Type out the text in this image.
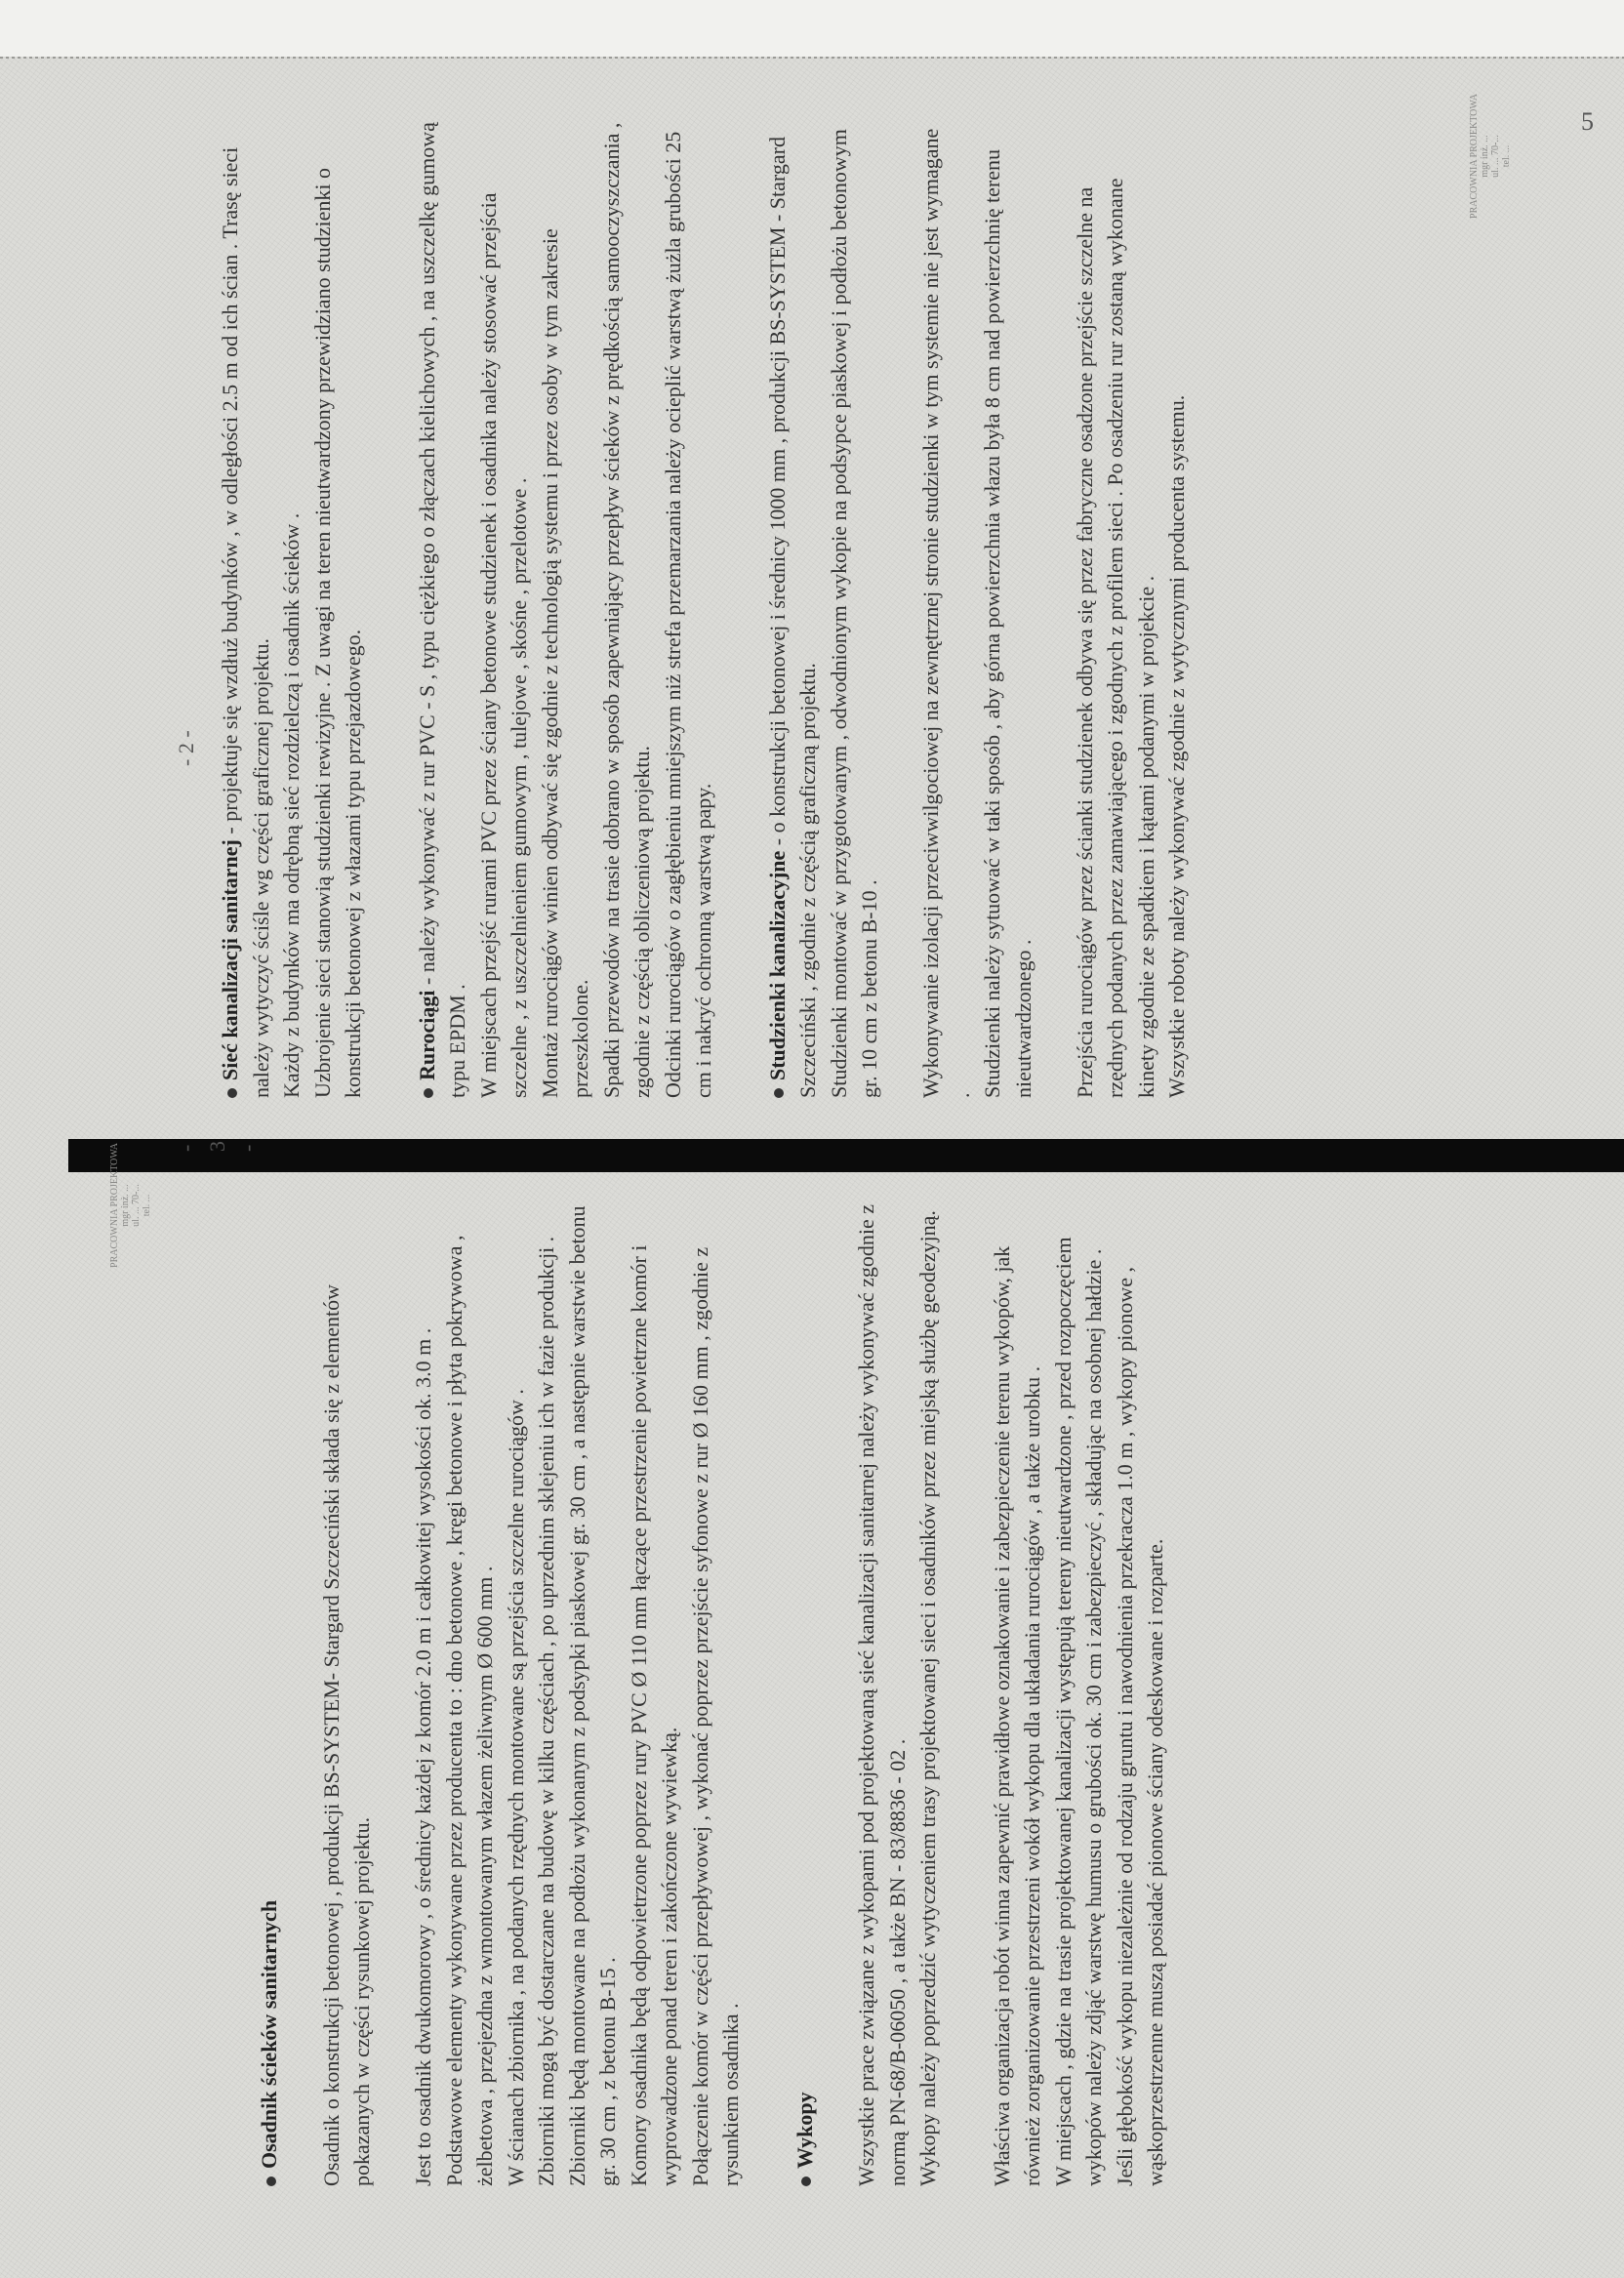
5
PRACOWNIA PROJEKTOWA mgr inż. ... ul. ... 70-... tel. ...
PRACOWNIA PROJEKTOWA mgr inż. ... ul. ... 70-... tel. ...
- 2 -

Sieć kanalizacji sanitarnej - projektuje się wzdłuż budynków , w odległości 2.5 m od ich ścian . Trasę sieci należy wytyczyć ściśle wg części graficznej projektu.
Każdy z budynków ma odrębną sieć rozdzielczą i osadnik ścieków .
Uzbrojenie sieci stanowią studzienki rewizyjne . Z uwagi na teren nieutwardzony przewidziano studzienki o konstrukcji betonowej z włazami typu przejazdowego.

Rurociągi - należy wykonywać z rur PVC - S , typu ciężkiego o złączach kielichowych , na uszczelkę gumową typu EPDM .
W miejscach przejść rurami PVC przez ściany betonowe studzienek i osadnika należy stosować przejścia szczelne , z uszczelnieniem gumowym , tulejowe , skośne , przelotowe .
Montaż rurociągów winien odbywać się zgodnie z technologią systemu i przez osoby w tym zakresie przeszkolone.
Spadki przewodów na trasie dobrano w sposób zapewniający przepływ ścieków z prędkością samooczyszczania , zgodnie z częścią obliczeniową projektu.
Odcinki rurociągów o zagłębieniu mniejszym niż strefa przemarzania należy ocieplić warstwą żużla grubości 25 cm i nakryć ochronną warstwą papy.

Studzienki kanalizacyjne - o konstrukcji betonowej i średnicy 1000 mm , produkcji BS-SYSTEM - Stargard Szczeciński , zgodnie z częścią graficzną projektu.
Studzienki montować w przygotowanym , odwodnionym wykopie na podsypce piaskowej i podłożu betonowym gr. 10 cm z betonu B-10 .

Wykonywanie izolacji przeciwwilgociowej na zewnętrznej stronie studzienki w tym systemie nie jest wymagane .
Studzienki należy sytuować w taki sposób , aby górna powierzchnia włazu była 8 cm nad powierzchnię terenu nieutwardzonego .

Przejścia rurociągów przez ścianki studzienek odbywa się przez fabryczne osadzone przejście szczelne na rzędnych podanych przez zamawiającego i zgodnych z profilem sieci . Po osadzeniu rur zostaną wykonane kinety zgodnie ze spadkiem i kątami podanymi w projekcie .
Wszystkie roboty należy wykonywać zgodnie z wytycznymi producenta systemu.

- 3 -

Osadnik ścieków sanitarnych Osadnik o konstrukcji betonowej , produkcji BS-SYSTEM- Stargard Szczeciński składa się z elementów pokazanych w części rysunkowej projektu.

Jest to osadnik dwukomorowy , o średnicy każdej z komór 2.0 m i całkowitej wysokości ok. 3.0 m .
Podstawowe elementy wykonywane przez producenta to : dno betonowe , kręgi betonowe i płyta pokrywowa , żelbetowa , przejezdna z wmontowanym włazem żeliwnym Ø 600 mm .
W ścianach zbiornika , na podanych rzędnych montowane są przejścia szczelne rurociągów .
Zbiorniki mogą być dostarczane na budowę w kilku częściach , po uprzednim sklejeniu ich w fazie produkcji .
Zbiorniki będą montowane na podłożu wykonanym z podsypki piaskowej gr. 30 cm , a następnie warstwie betonu gr. 30 cm , z betonu B-15 .
Komory osadnika będą odpowietrzone poprzez rury PVC Ø 110 mm łączące przestrzenie powietrzne komór i wyprowadzone ponad teren i zakończone wywiewką.
Połączenie komór w części przepływowej , wykonać poprzez przejście syfonowe z rur Ø 160 mm , zgodnie z rysunkiem osadnika .

Wykopy Wszystkie prace związane z wykopami pod projektowaną sieć kanalizacji sanitarnej należy wykonywać zgodnie z normą PN-68/B-06050 , a także BN - 83/8836 - 02 .
Wykopy należy poprzedzić wytyczeniem trasy projektowanej sieci i osadników przez miejską służbę geodezyjną.

Właściwa organizacja robót winna zapewnić prawidłowe oznakowanie i zabezpieczenie terenu wykopów, jak również zorganizowanie przestrzeni wokół wykopu dla układania rurociągów , a także urobku .
W miejscach , gdzie na trasie projektowanej kanalizacji występują tereny nieutwardzone , przed rozpoczęciem wykopów należy zdjąć warstwę humusu o grubości ok. 30 cm i zabezpieczyć , składując na osobnej hałdzie .
Jeśli głębokość wykopu niezależnie od rodzaju gruntu i nawodnienia przekracza 1.0 m , wykopy pionowe , wąskoprzestrzenne muszą posiadać pionowe ściany odeskowane i rozparte.
